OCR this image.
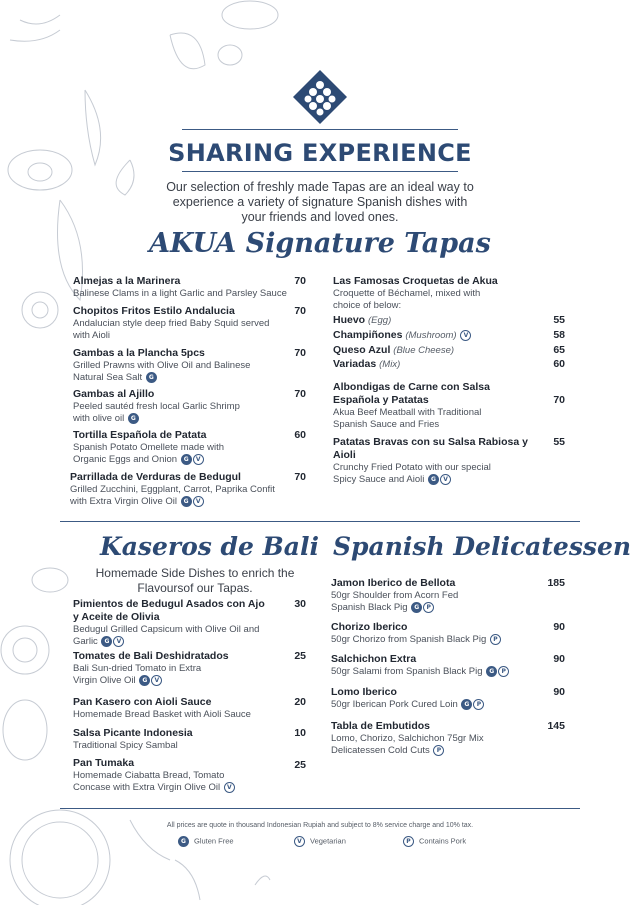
SHARING EXPERIENCE
Our selection of freshly made Tapas are an ideal way to experience a variety of signature Spanish dishes with your friends and loved ones.
AKUA Signature Tapas
Almejas a la Marinera
Balinese Clams in a light Garlic and Parsley Sauce
70
Chopitos Fritos Estilo Andalucia
Andalucian style deep fried Baby Squid served with Aioli
70
Gambas a la Plancha 5pcs
Grilled Prawns with Olive Oil and Balinese Natural Sea Salt G
70
Gambas al Ajillo
Peeled sautéd fresh local Garlic Shrimp with olive oil G
70
Tortilla Española de Patata
Spanish Potato Omellete made with Organic Eggs and Onion G V
60
Parrillada de Verduras de Bedugul
Grilled Zucchini, Eggplant, Carrot, Paprika Confit with Extra Virgin Olive Oil G V
70
Las Famosas Croquetas de Akua
Croquette of Béchamel, mixed with choice of below:
Huevo (Egg)	55
Champiñones (Mushroom) V	58
Queso Azul (Blue Cheese)	65
Variadas (Mix)	60
Albondigas de Carne con Salsa Española y Patatas
Akua Beef Meatball with Traditional Spanish Sauce and Fries
70
Patatas Bravas con su Salsa Rabiosa y Aioli
Crunchy Fried Potato with our special Spicy Sauce and Aioli G V
55
Kaseros de Bali
Homemade Side Dishes to enrich the Flavoursof our Tapas.
Pimientos de Bedugul Asados con Ajo y Aceite de Olivia
Bedugul Grilled Capsicum with Olive Oil and Garlic G V
30
Tomates de Bali Deshidratados
Bali Sun-dried Tomato in Extra Virgin Olive Oil G V
25
Pan Kasero con Aioli Sauce
Homemade Bread Basket with Aioli Sauce
20
Salsa Picante Indonesia
Traditional Spicy Sambal
10
Pan Tumaka
Homemade Ciabatta Bread, Tomato Concase with Extra Virgin Olive Oil V
25
Spanish Delicatessen
Jamon Iberico de Bellota
50gr Shoulder from Acorn Fed Spanish Black Pig G P
185
Chorizo Iberico
50gr Chorizo from Spanish Black Pig P
90
Salchichon Extra
50gr Salami from Spanish Black Pig G P
90
Lomo Iberico
50gr Iberican Pork Cured Loin G P
90
Tabla de Embutidos
Lomo, Chorizo, Salchichon 75gr Mix Delicatessen Cold Cuts P
145
All prices are quote in thousand Indonesian Rupiah and subject to 8% service charge and 10% tax.
G Gluten Free	V Vegetarian	P Contains Pork
